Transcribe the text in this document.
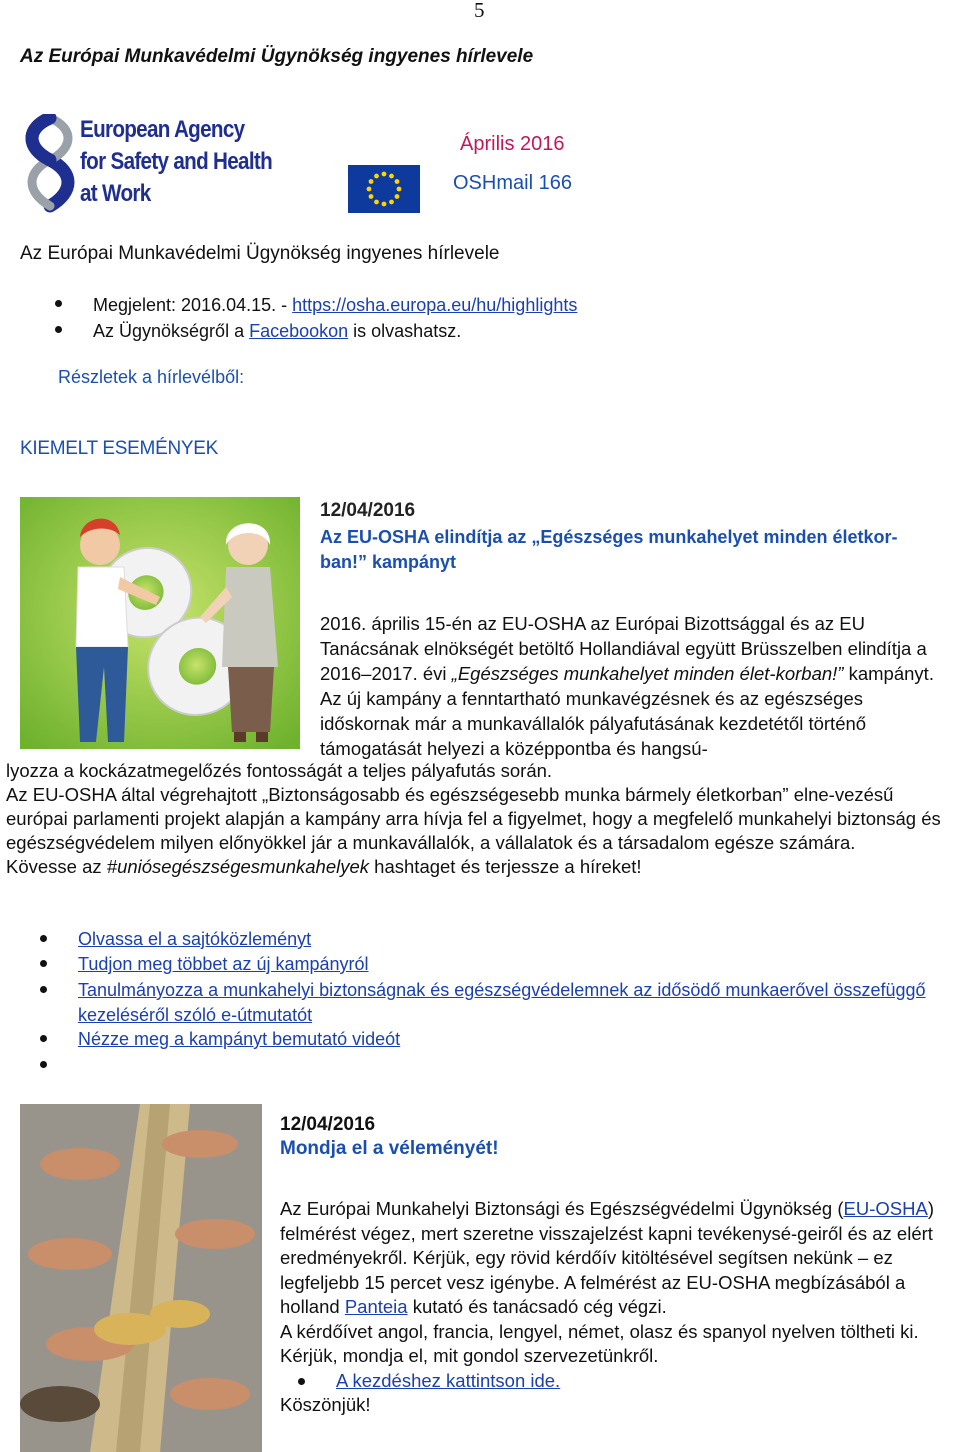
5
Az Európai Munkavédelmi Ügynökség ingyenes hírlevele
European Agency
for Safety and Health
at Work
Április 2016
OSHmail 166
Az Európai Munkavédelmi Ügynökség ingyenes hírlevele
Megjelent: 2016.04.15. - https://osha.europa.eu/hu/highlights
Az Ügynökségről a Facebookon is olvashatsz.
Részletek a hírlevélből:
KIEMELT ESEMÉNYEK
12/04/2016
Az EU-OSHA elindítja az „Egészséges munkahelyet minden életkor-ban!” kampányt
2016. április 15-én az EU-OSHA az Európai Bizottsággal és az EU Tanácsának elnökségét betöltő Hollandiával együtt Brüsszelben elindítja a 2016–2017. évi „Egészséges munkahelyet minden élet-korban!” kampányt. Az új kampány a fenntartható munkavégzésnek és az egészséges időskornak már a munkavállalók pályafutásának kezdetétől történő támogatását helyezi a középpontba és hangsú-
lyozza a kockázatmegelőzés fontosságát a teljes pályafutás során.
Az EU-OSHA által végrehajtott „Biztonságosabb és egészségesebb munka bármely életkorban” elne-vezésű európai parlamenti projekt alapján a kampány arra hívja fel a figyelmet, hogy a megfelelő munkahelyi biztonság és egészségvédelem milyen előnyökkel jár a munkavállalók, a vállalatok és a társadalom egésze számára.
Kövesse az #uniósegészségesmunkahelyek hashtaget és terjessze a híreket!
Olvassa el a sajtóközleményt
Tudjon meg többet az új kampányról
Tanulmányozza a munkahelyi biztonságnak és egészségvédelemnek az idősödő munkaerővel összefüggő kezeléséről szóló e-útmutatót
Nézze meg a kampányt bemutató videót
12/04/2016
Mondja el a véleményét!
Az Európai Munkahelyi Biztonsági és Egészségvédelmi Ügynökség (EU-OSHA) felmérést végez, mert szeretne visszajelzést kapni tevékenysé-geiről és az elért eredményekről. Kérjük, egy rövid kérdőív kitöltésével segítsen nekünk – ez legfeljebb 15 percet vesz igénybe. A felmérést az EU-OSHA megbízásából a holland Panteia kutató és tanácsadó cég végzi.
A kérdőívet angol, francia, lengyel, német, olasz és spanyol nyelven töltheti ki. Kérjük, mondja el, mit gondol szervezetünkről.
A kezdéshez kattintson ide.
Köszönjük!
